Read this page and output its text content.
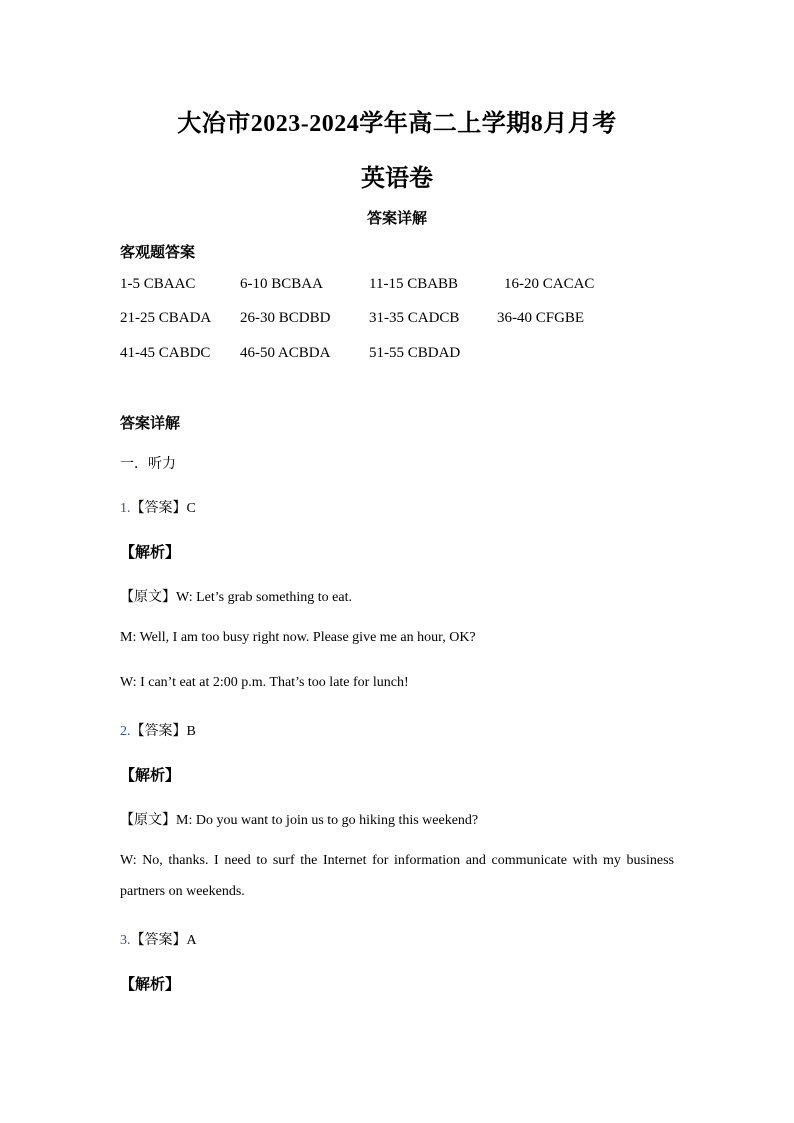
大冶市2023-2024学年高二上学期8月月考
英语卷
答案详解
客观题答案
1-5 CBAAC	6-10 BCBAA	11-15 CBABB	16-20 CACAC
21-25 CBADA 26-30 BCDBD	31-35 CADCB	36-40 CFGBE
41-45 CABDC 46-50 ACBDA	51-55 CBDAD
答案详解
一．听力
1.【答案】C
【解析】
【原文】W: Let’s grab something to eat.
M: Well, I am too busy right now. Please give me an hour, OK?
W: I can’t eat at 2:00 p.m. That’s too late for lunch!
2.【答案】B
【解析】
【原文】M: Do you want to join us to go hiking this weekend?
W: No, thanks. I need to surf the Internet for information and communicate with my business
partners on weekends.
3.【答案】A
【解析】
